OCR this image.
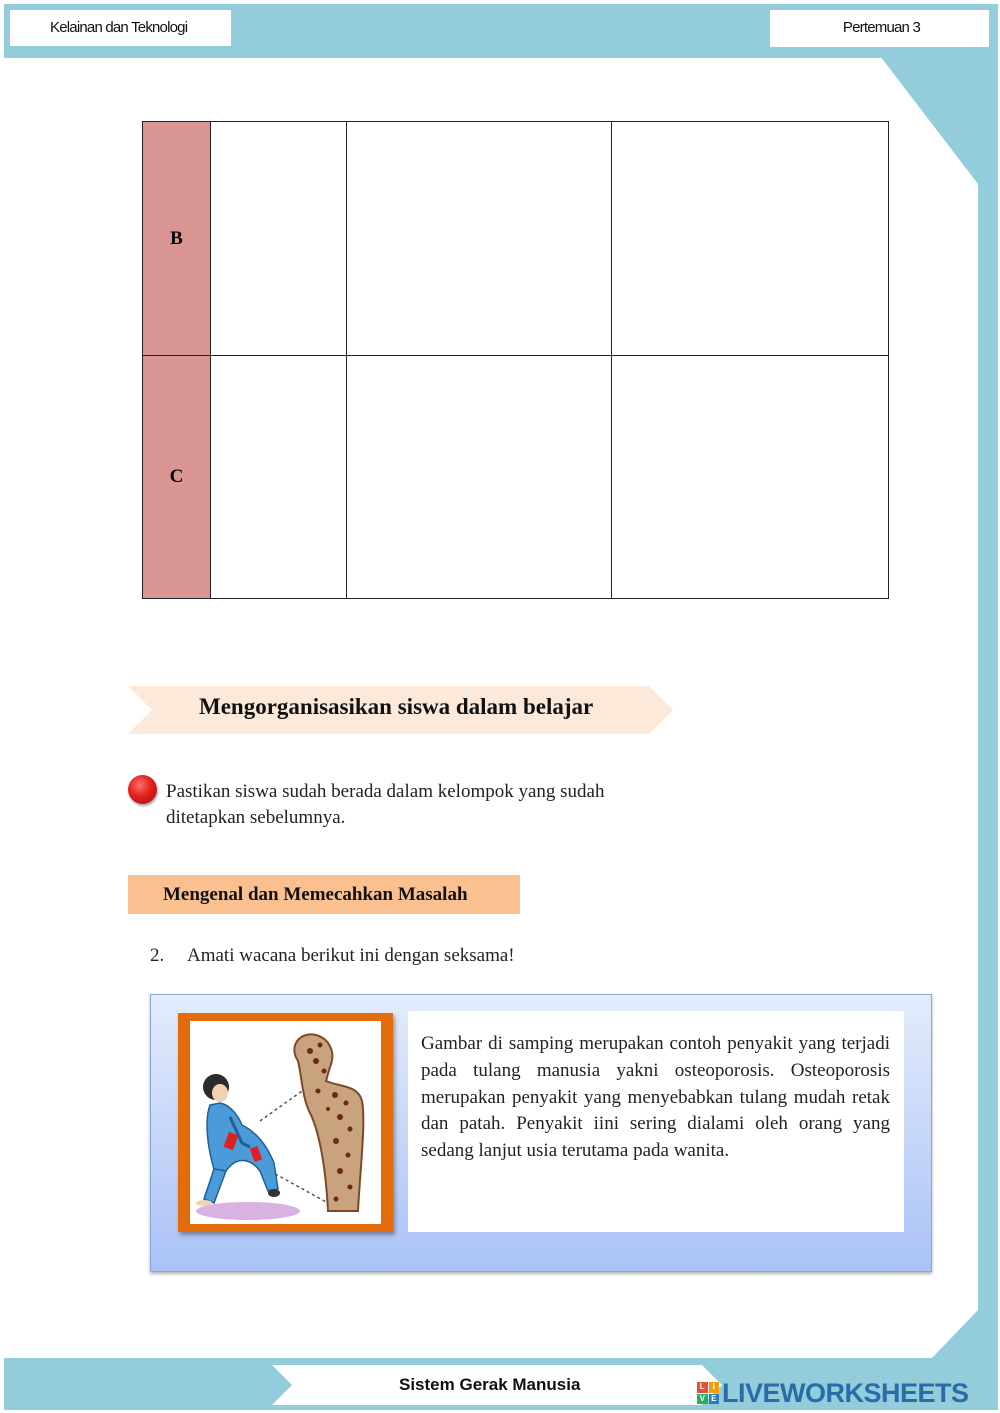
Kelainan dan Teknologi	Pertemuan 3
B			
C			
Mengorganisasikan siswa dalam belajar
Pastikan siswa sudah berada dalam kelompok yang sudah ditetapkan sebelumnya.
Mengenal dan Memecahkan Masalah
2. Amati wacana berikut ini dengan seksama!
Gambar di samping merupakan contoh penyakit yang terjadi pada tulang manusia yakni osteoporosis. Osteoporosis merupakan penyakit yang menyebabkan tulang mudah retak dan patah. Penyakit iini sering dialami oleh orang yang sedang lanjut usia terutama pada wanita.
Sistem Gerak Manusia	L I
V E LIVEWORKSHEETS
